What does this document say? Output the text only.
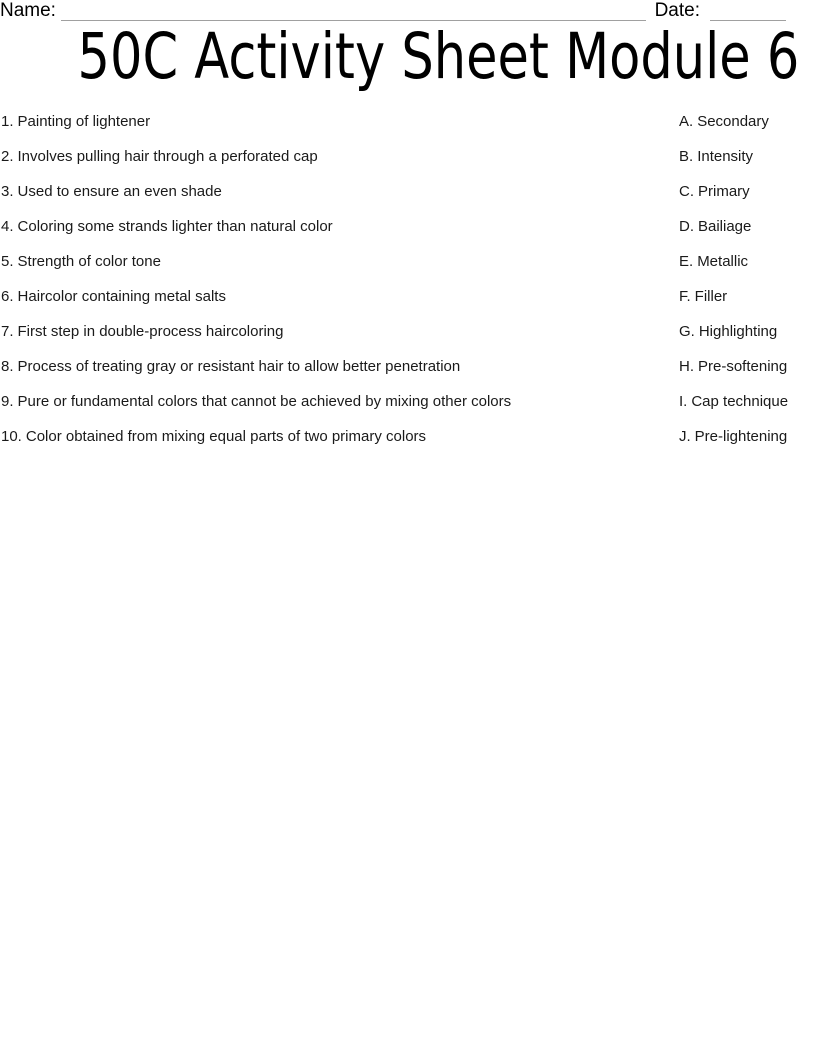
Name:	Date:
50C Activity Sheet Module 6
1. Painting of lightener
2. Involves pulling hair through a perforated cap
3. Used to ensure an even shade
4. Coloring some strands lighter than natural color
5. Strength of color tone
6. Haircolor containing metal salts
7. First step in double-process haircoloring
8. Process of treating gray or resistant hair to allow better penetration
9. Pure or fundamental colors that cannot be achieved by mixing other colors
10. Color obtained from mixing equal parts of two primary colors
A. Secondary
B. Intensity
C. Primary
D. Bailiage
E. Metallic
F. Filler
G. Highlighting
H. Pre-softening
I. Cap technique
J. Pre-lightening
